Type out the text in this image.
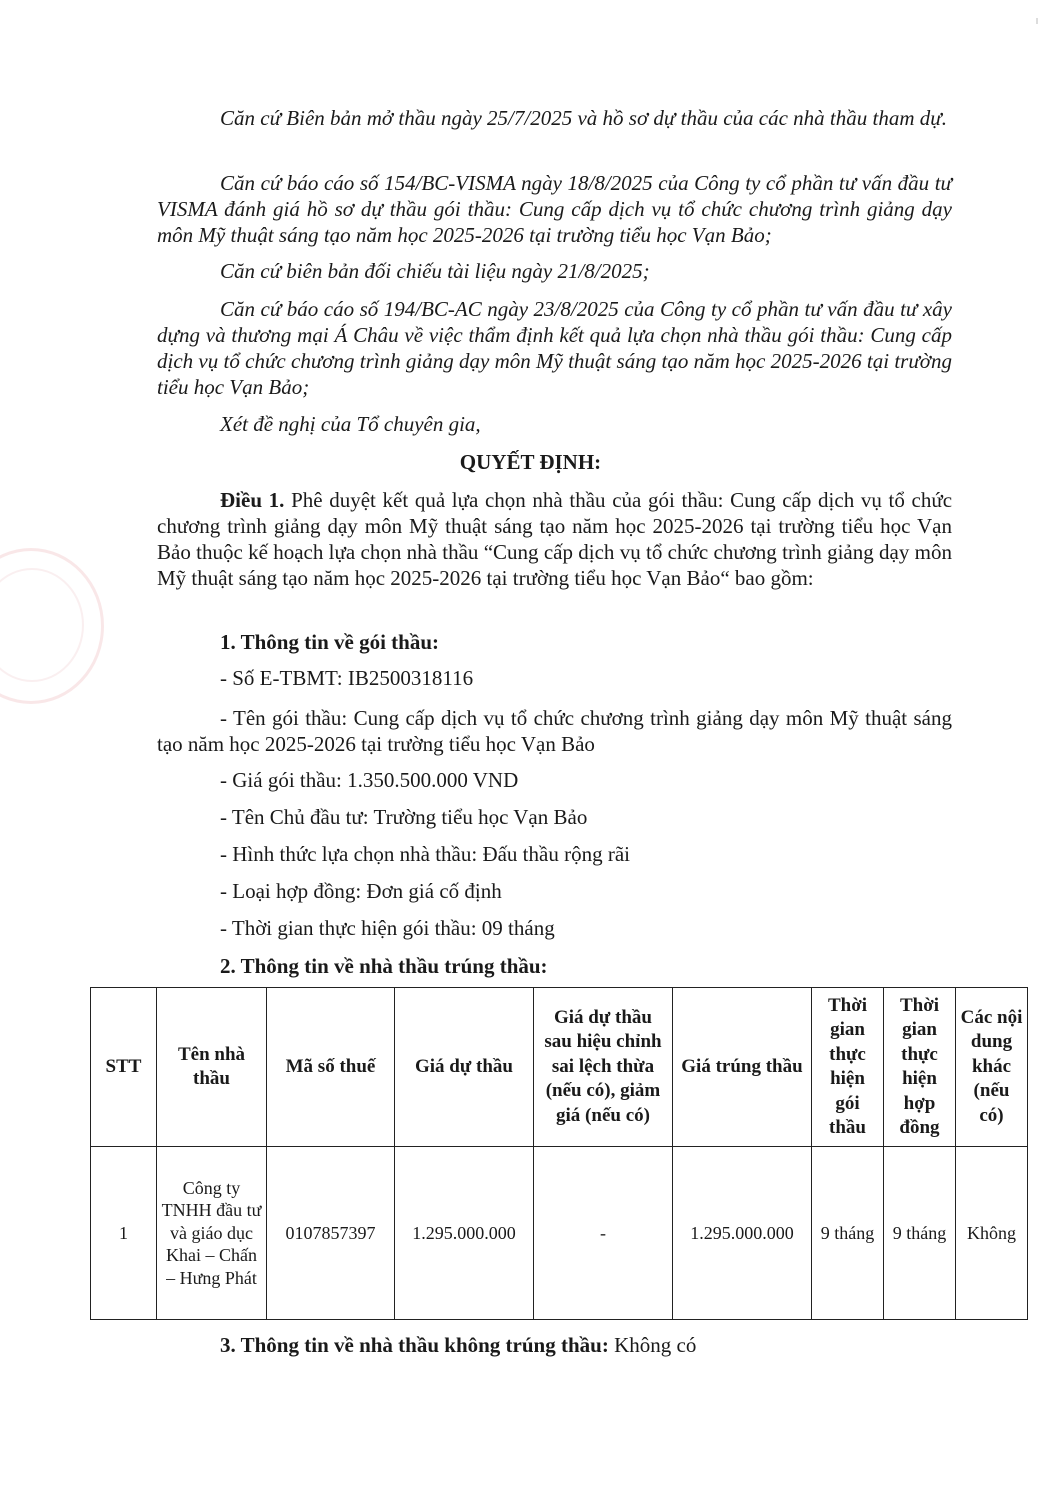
Căn cứ Biên bản mở thầu ngày 25/7/2025 và hồ sơ dự thầu của các nhà thầu tham dự.

Căn cứ báo cáo số 154/BC-VISMA ngày 18/8/2025 của Công ty cổ phần tư vấn đầu tư VISMA đánh giá hồ sơ dự thầu gói thầu: Cung cấp dịch vụ tổ chức chương trình giảng dạy môn Mỹ thuật sáng tạo năm học 2025-2026 tại trường tiểu học Vạn Bảo;

Căn cứ biên bản đối chiếu tài liệu ngày 21/8/2025;

Căn cứ báo cáo số 194/BC-AC ngày 23/8/2025 của Công ty cổ phần tư vấn đầu tư xây dựng và thương mại Á Châu về việc thẩm định kết quả lựa chọn nhà thầu gói thầu: Cung cấp dịch vụ tổ chức chương trình giảng dạy môn Mỹ thuật sáng tạo năm học 2025-2026 tại trường tiểu học Vạn Bảo;

Xét đề nghị của Tổ chuyên gia,

QUYẾT ĐỊNH:

Điều 1. Phê duyệt kết quả lựa chọn nhà thầu của gói thầu: Cung cấp dịch vụ tổ chức chương trình giảng dạy môn Mỹ thuật sáng tạo năm học 2025-2026 tại trường tiểu học Vạn Bảo thuộc kế hoạch lựa chọn nhà thầu “Cung cấp dịch vụ tổ chức chương trình giảng dạy môn Mỹ thuật sáng tạo năm học 2025-2026 tại trường tiểu học Vạn Bảo“ bao gồm:

1. Thông tin về gói thầu:

- Số E-TBMT: IB2500318116

- Tên gói thầu: Cung cấp dịch vụ tổ chức chương trình giảng dạy môn Mỹ thuật sáng tạo năm học 2025-2026 tại trường tiểu học Vạn Bảo

- Giá gói thầu: 1.350.500.000 VND

- Tên Chủ đầu tư: Trường tiểu học Vạn Bảo

- Hình thức lựa chọn nhà thầu: Đấu thầu rộng rãi

- Loại hợp đồng: Đơn giá cố định

- Thời gian thực hiện gói thầu: 09 tháng

2. Thông tin về nhà thầu trúng thầu:

STT	Tên nhà thầu	Mã số thuế	Giá dự thầu	Giá dự thầu sau hiệu chỉnh sai lệch thừa (nếu có), giảm giá (nếu có)	Giá trúng thầu	Thời gian thực hiện gói thầu	Thời gian thực hiện hợp đồng	Các nội dung khác (nếu có)
1	Công ty TNHH đầu tư và giáo dục Khai – Chấn – Hưng Phát	0107857397	1.295.000.000	-	1.295.000.000	9 tháng	9 tháng	Không

3. Thông tin về nhà thầu không trúng thầu: Không có
